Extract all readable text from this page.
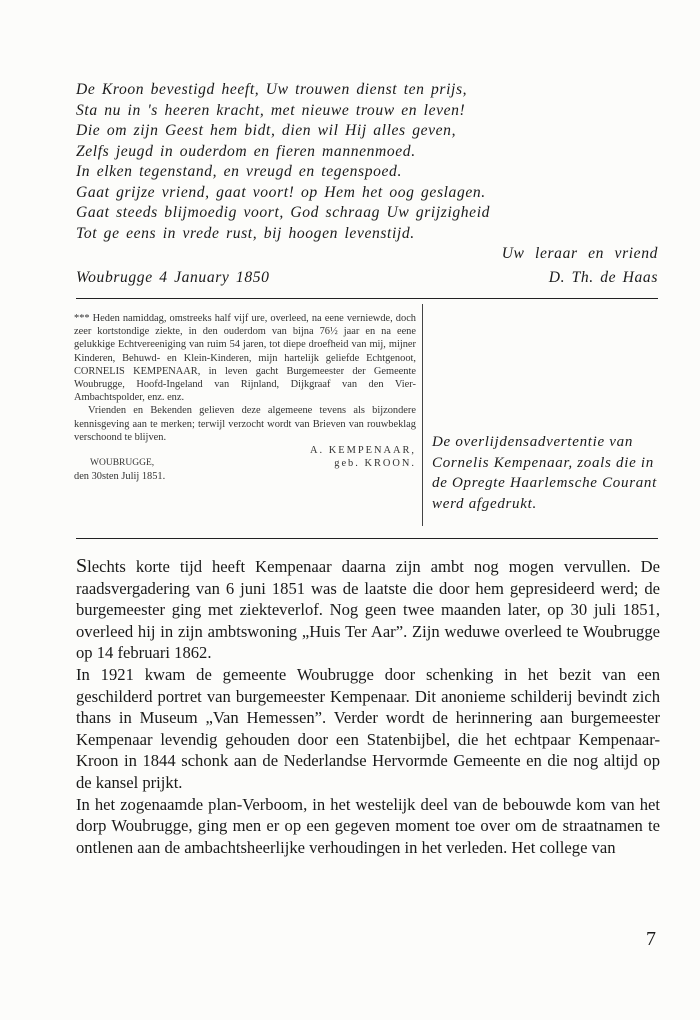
De Kroon bevestigd heeft, Uw trouwen dienst ten prijs,
Sta nu in 's heeren kracht, met nieuwe trouw en leven!
Die om zijn Geest hem bidt, dien wil Hij alles geven,
Zelfs jeugd in ouderdom en fieren mannenmoed.
In elken tegenstand, en vreugd en tegenspoed.
Gaat grijze vriend, gaat voort! op Hem het oog geslagen.
Gaat steeds blijmoedig voort, God schraag Uw grijzigheid
Tot ge eens in vrede rust, bij hoogen levenstijd.
Uw leraar en vriend
Woubrugge 4 January 1850	D. Th. de Haas

*** Heden namiddag, omstreeks half vijf ure, overleed, na eene verniewde, doch zeer kortstondige ziekte, in den ouderdom van bijna 76½ jaar en na eene gelukkige Echtvereeniging van ruim 54 jaren, tot diepe droefheid van mij, mijner Kinderen, Behuwd- en Klein-Kinderen, mijn hartelijk geliefde Echtgenoot, CORNELIS KEMPENAAR, in leven gacht Burgemeester der Gemeente Woubrugge, Hoofd-Ingeland van Rijnland, Dijkgraaf van den Vier-Ambachtspolder, enz. enz.

Vrienden en Bekenden gelieven deze algemeene tevens als bijzondere kennisgeving aan te merken; terwijl verzocht wordt van Brieven van rouwbeklag verschoond te blijven.

A. KEMPENAAR,
WOUBRUGGE,	geb. KROON.
den 30sten Julij 1851.
De overlijdensadvertentie van Cornelis Kempenaar, zoals die in de Opregte Haarlemsche Courant werd afgedrukt.

Slechts korte tijd heeft Kempenaar daarna zijn ambt nog mogen vervullen. De raadsvergadering van 6 juni 1851 was de laatste die door hem gepresideerd werd; de burgemeester ging met ziekteverlof. Nog geen twee maanden later, op 30 juli 1851, overleed hij in zijn ambtswoning „Huis Ter Aar”. Zijn weduwe overleed te Woubrugge op 14 februari 1862.

In 1921 kwam de gemeente Woubrugge door schenking in het bezit van een geschilderd portret van burgemeester Kempenaar. Dit anonieme schilderij bevindt zich thans in Museum „Van Hemessen”. Verder wordt de herinnering aan burgemeester Kempenaar levendig gehouden door een Statenbijbel, die het echtpaar Kempenaar-Kroon in 1844 schonk aan de Nederlandse Hervormde Gemeente en die nog altijd op de kansel prijkt.

In het zogenaamde plan-Verboom, in het westelijk deel van de bebouwde kom van het dorp Woubrugge, ging men er op een gegeven moment toe over om de straatnamen te ontlenen aan de ambachtsheerlijke verhoudingen in het verleden. Het college van

7
